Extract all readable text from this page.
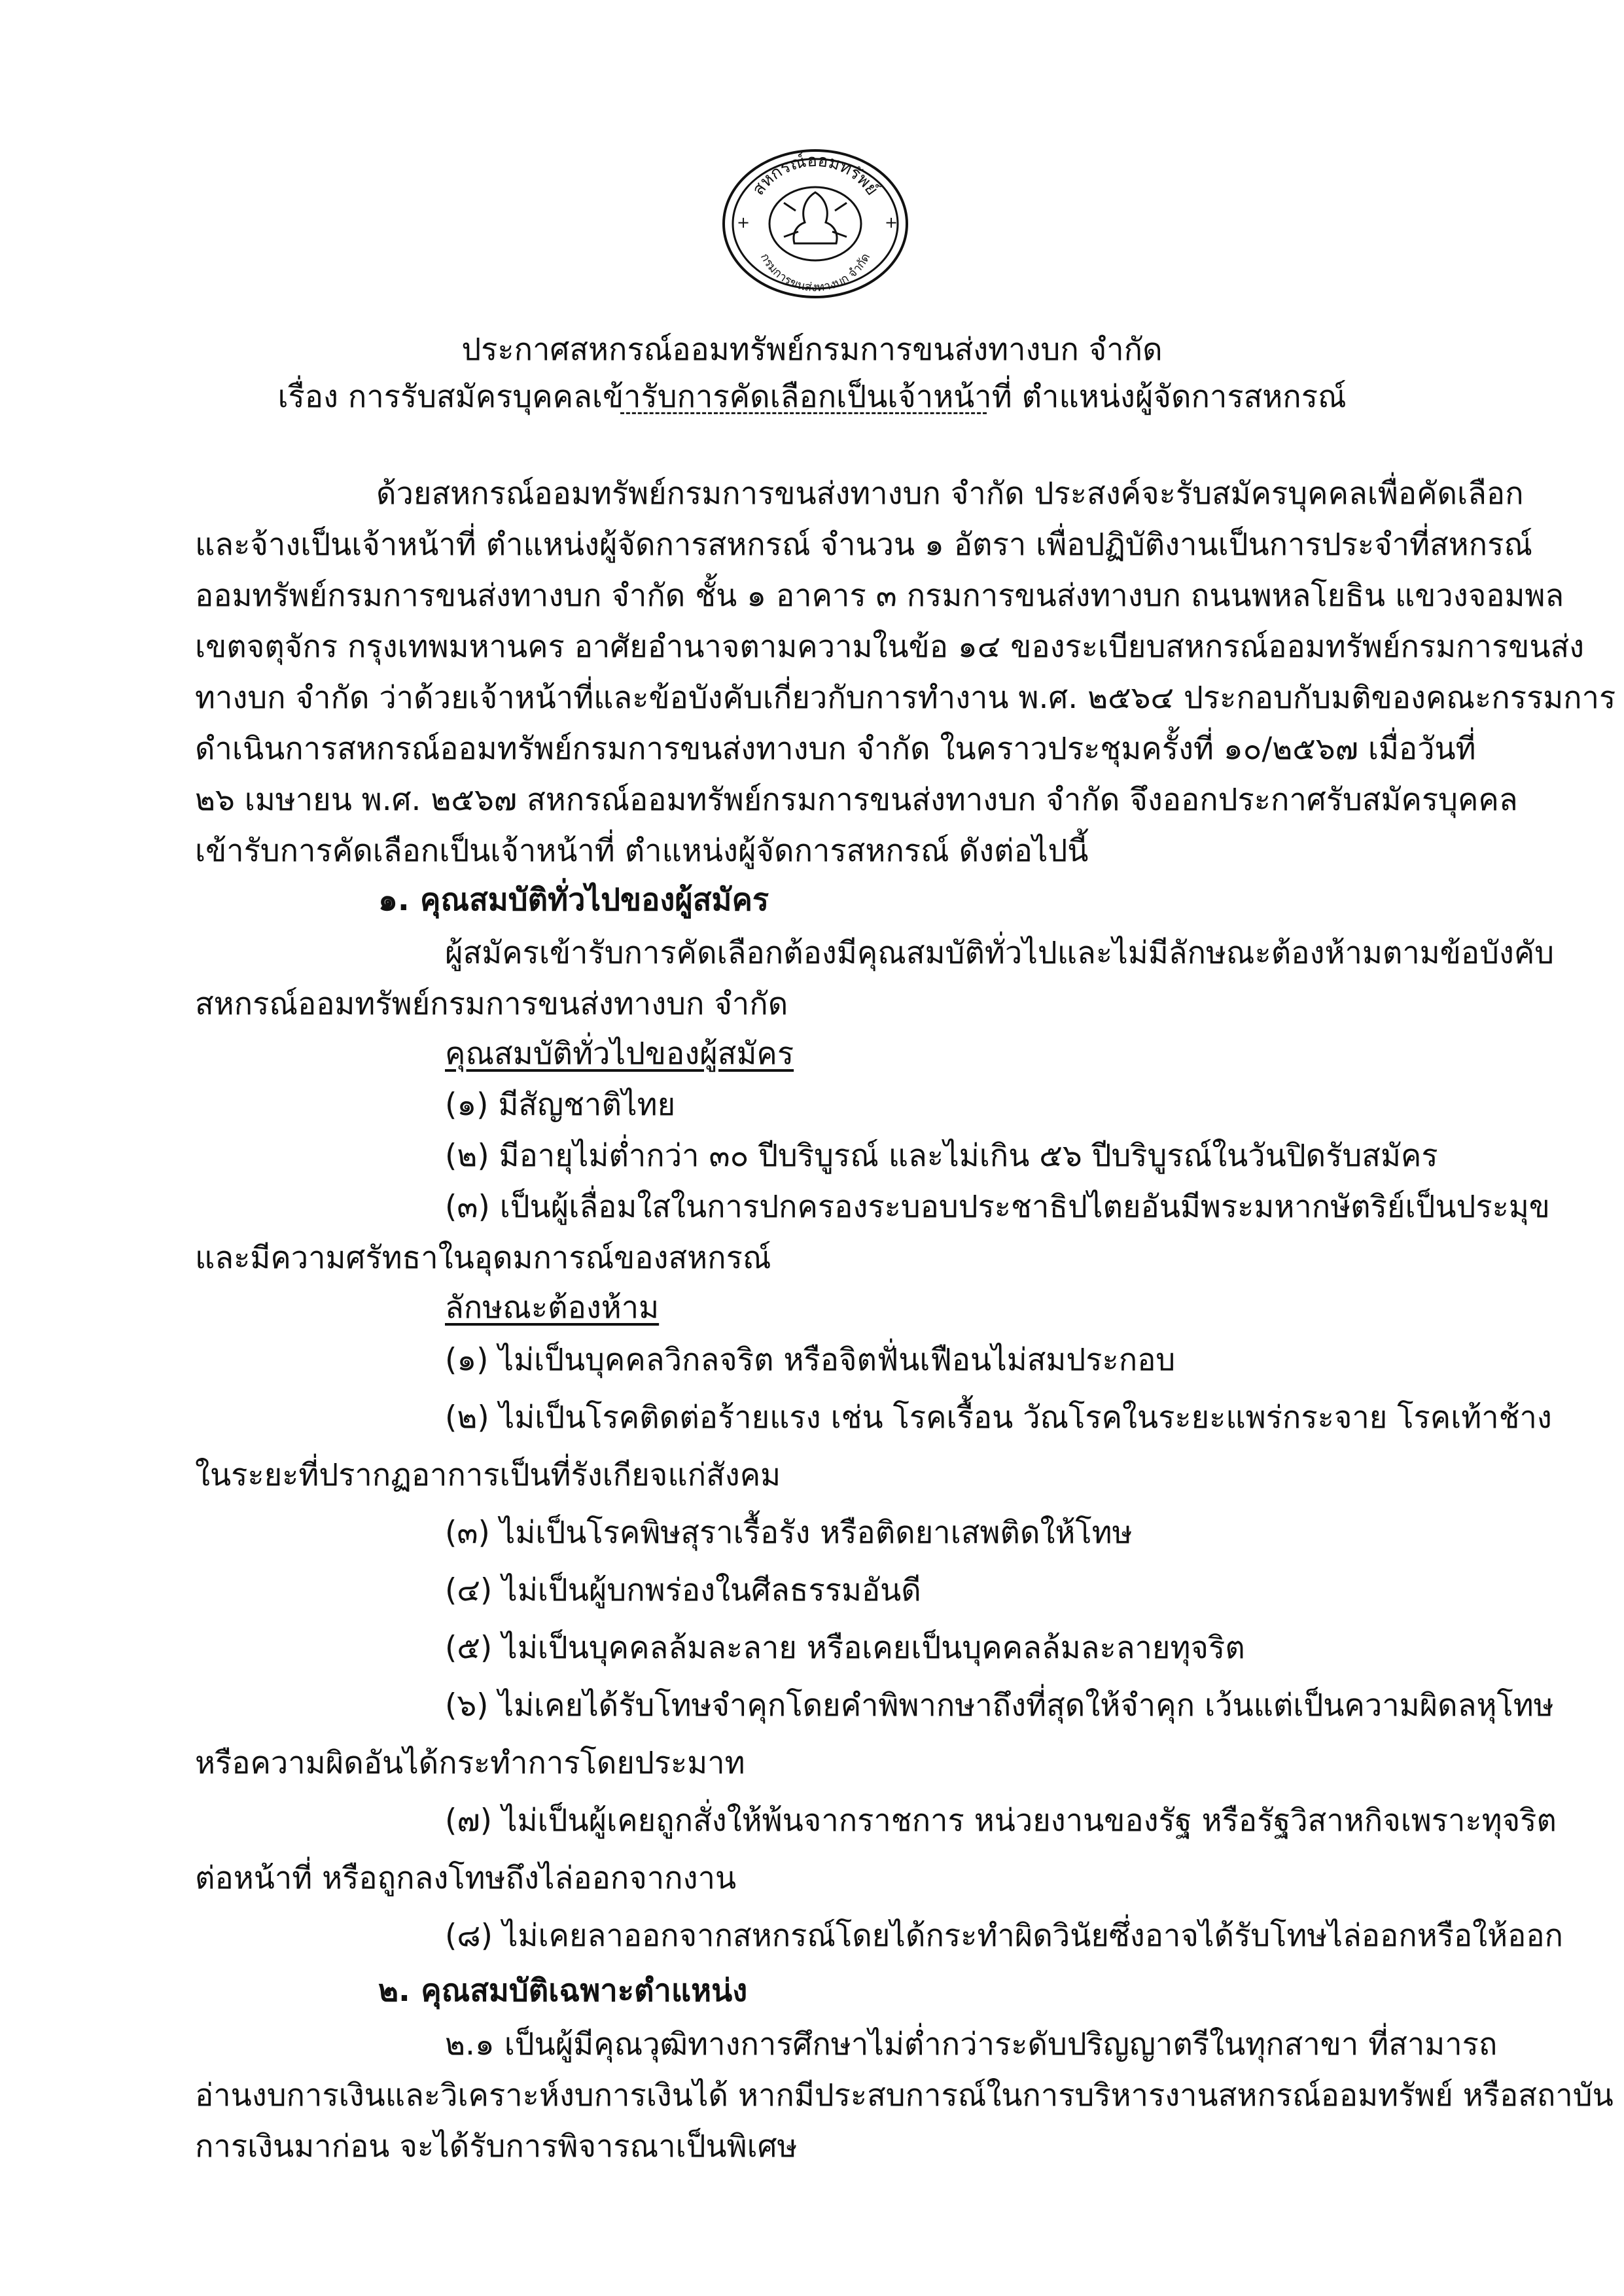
สหกรณ์ออมทรัพย์
กรมการขนส่งทางบก จำกัด
+	+
ประกาศสหกรณ์ออมทรัพย์กรมการขนส่งทางบก จำกัด
เรื่อง การรับสมัครบุคคลเข้ารับการคัดเลือกเป็นเจ้าหน้าที่ ตำแหน่งผู้จัดการสหกรณ์
ด้วยสหกรณ์ออมทรัพย์กรมการขนส่งทางบก จำกัด ประสงค์จะรับสมัครบุคคลเพื่อคัดเลือก
และจ้างเป็นเจ้าหน้าที่ ตำแหน่งผู้จัดการสหกรณ์ จำนวน ๑ อัตรา เพื่อปฏิบัติงานเป็นการประจำที่สหกรณ์
ออมทรัพย์กรมการขนส่งทางบก จำกัด ชั้น ๑ อาคาร ๓ กรมการขนส่งทางบก ถนนพหลโยธิน แขวงจอมพล
เขตจตุจักร กรุงเทพมหานคร อาศัยอำนาจตามความในข้อ ๑๔ ของระเบียบสหกรณ์ออมทรัพย์กรมการขนส่ง
ทางบก จำกัด ว่าด้วยเจ้าหน้าที่และข้อบังคับเกี่ยวกับการทำงาน พ.ศ. ๒๕๖๔ ประกอบกับมติของคณะกรรมการ
ดำเนินการสหกรณ์ออมทรัพย์กรมการขนส่งทางบก จำกัด ในคราวประชุมครั้งที่ ๑๐/๒๕๖๗ เมื่อวันที่
๒๖ เมษายน พ.ศ. ๒๕๖๗ สหกรณ์ออมทรัพย์กรมการขนส่งทางบก จำกัด จึงออกประกาศรับสมัครบุคคล
เข้ารับการคัดเลือกเป็นเจ้าหน้าที่ ตำแหน่งผู้จัดการสหกรณ์ ดังต่อไปนี้
๑. คุณสมบัติทั่วไปของผู้สมัคร
ผู้สมัครเข้ารับการคัดเลือกต้องมีคุณสมบัติทั่วไปและไม่มีลักษณะต้องห้ามตามข้อบังคับ
สหกรณ์ออมทรัพย์กรมการขนส่งทางบก จำกัด
คุณสมบัติทั่วไปของผู้สมัคร
(๑) มีสัญชาติไทย
(๒) มีอายุไม่ต่ำกว่า ๓๐ ปีบริบูรณ์ และไม่เกิน ๕๖ ปีบริบูรณ์ในวันปิดรับสมัคร
(๓) เป็นผู้เลื่อมใสในการปกครองระบอบประชาธิปไตยอันมีพระมหากษัตริย์เป็นประมุข
และมีความศรัทธาในอุดมการณ์ของสหกรณ์
ลักษณะต้องห้าม
(๑) ไม่เป็นบุคคลวิกลจริต หรือจิตฟั่นเฟือนไม่สมประกอบ
(๒) ไม่เป็นโรคติดต่อร้ายแรง เช่น โรคเรื้อน วัณโรคในระยะแพร่กระจาย โรคเท้าช้าง
ในระยะที่ปรากฏอาการเป็นที่รังเกียจแก่สังคม
(๓) ไม่เป็นโรคพิษสุราเรื้อรัง หรือติดยาเสพติดให้โทษ
(๔) ไม่เป็นผู้บกพร่องในศีลธรรมอันดี
(๕) ไม่เป็นบุคคลล้มละลาย หรือเคยเป็นบุคคลล้มละลายทุจริต
(๖) ไม่เคยได้รับโทษจำคุกโดยคำพิพากษาถึงที่สุดให้จำคุก เว้นแต่เป็นความผิดลหุโทษ
หรือความผิดอันได้กระทำการโดยประมาท
(๗) ไม่เป็นผู้เคยถูกสั่งให้พ้นจากราชการ หน่วยงานของรัฐ หรือรัฐวิสาหกิจเพราะทุจริต
ต่อหน้าที่ หรือถูกลงโทษถึงไล่ออกจากงาน
(๘) ไม่เคยลาออกจากสหกรณ์โดยได้กระทำผิดวินัยซึ่งอาจได้รับโทษไล่ออกหรือให้ออก
๒. คุณสมบัติเฉพาะตำแหน่ง
๒.๑ เป็นผู้มีคุณวุฒิทางการศึกษาไม่ต่ำกว่าระดับปริญญาตรีในทุกสาขา ที่สามารถ
อ่านงบการเงินและวิเคราะห์งบการเงินได้ หากมีประสบการณ์ในการบริหารงานสหกรณ์ออมทรัพย์ หรือสถาบัน
การเงินมาก่อน จะได้รับการพิจารณาเป็นพิเศษ
